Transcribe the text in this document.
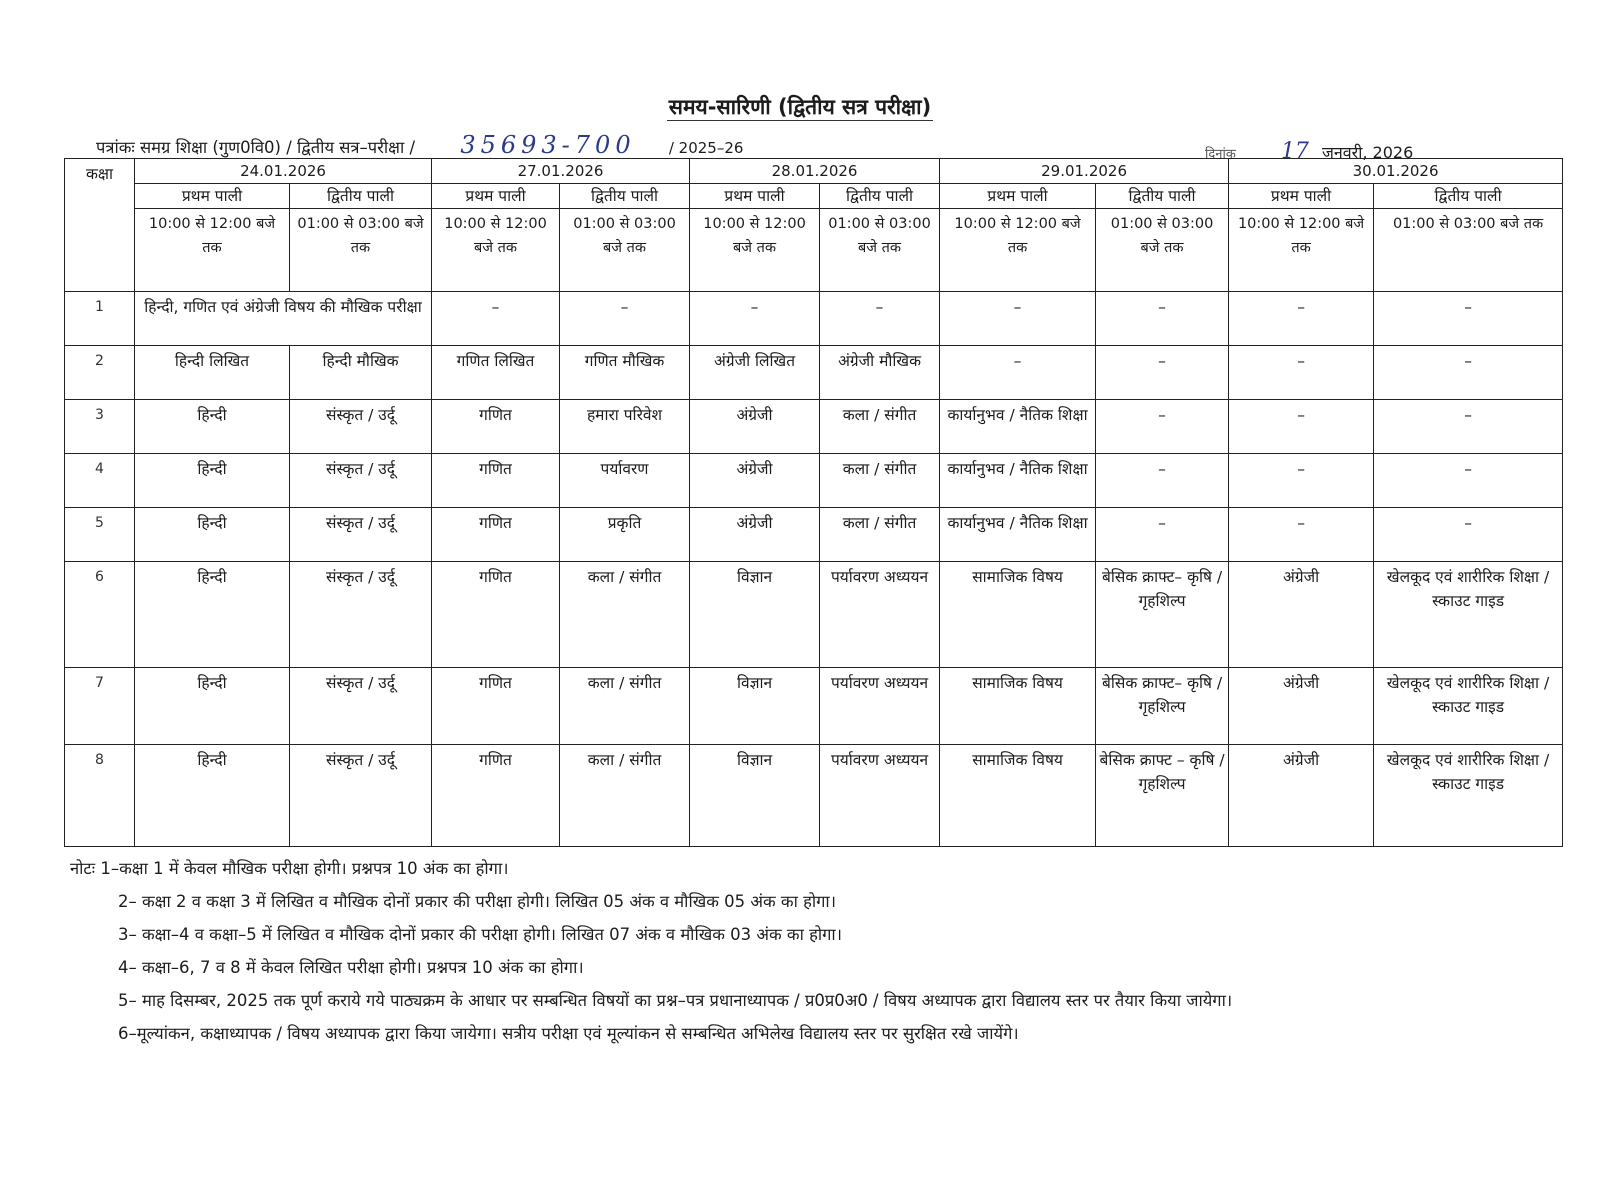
समय-सारिणी (द्वितीय सत्र परीक्षा)
पत्रांकः समग्र शिक्षा (गुण0वि0) / द्वितीय सत्र–परीक्षा / 35693-700 / 2025–26	दिनांक 17 जनवरी, 2026
कक्षा	24.01.2026		27.01.2026		28.01.2026		29.01.2026		30.01.2026	
	प्रथम पाली	द्वितीय पाली	प्रथम पाली	द्वितीय पाली	प्रथम पाली	द्वितीय पाली	प्रथम पाली	द्वितीय पाली	प्रथम पाली	द्वितीय पाली
	10:00 से 12:00 बजे तक	01:00 से 03:00 बजे तक	10:00 से 12:00 बजे तक	01:00 से 03:00 बजे तक	10:00 से 12:00 बजे तक	01:00 से 03:00 बजे तक	10:00 से 12:00 बजे तक	01:00 से 03:00 बजे तक	10:00 से 12:00 बजे तक	01:00 से 03:00 बजे तक
1	हिन्दी, गणित एवं अंग्रेजी विषय की मौखिक परीक्षा		–	–	–	–	–	–	–	–
2	हिन्दी लिखित	हिन्दी मौखिक	गणित लिखित	गणित मौखिक	अंग्रेजी लिखित	अंग्रेजी मौखिक	–	–	–	–
3	हिन्दी	संस्कृत / उर्दू	गणित	हमारा परिवेश	अंग्रेजी	कला / संगीत	कार्यानुभव / नैतिक शिक्षा	–	–	–
4	हिन्दी	संस्कृत / उर्दू	गणित	पर्यावरण	अंग्रेजी	कला / संगीत	कार्यानुभव / नैतिक शिक्षा	–	–	–
5	हिन्दी	संस्कृत / उर्दू	गणित	प्रकृति	अंग्रेजी	कला / संगीत	कार्यानुभव / नैतिक शिक्षा	–	–	–
6	हिन्दी	संस्कृत / उर्दू	गणित	कला / संगीत	विज्ञान	पर्यावरण अध्ययन	सामाजिक विषय	बेसिक क्राफ्ट– कृषि / गृहशिल्प	अंग्रेजी	खेलकूद एवं शारीरिक शिक्षा / स्काउट गाइड
7	हिन्दी	संस्कृत / उर्दू	गणित	कला / संगीत	विज्ञान	पर्यावरण अध्ययन	सामाजिक विषय	बेसिक क्राफ्ट– कृषि / गृहशिल्प	अंग्रेजी	खेलकूद एवं शारीरिक शिक्षा / स्काउट गाइड
8	हिन्दी	संस्कृत / उर्दू	गणित	कला / संगीत	विज्ञान	पर्यावरण अध्ययन	सामाजिक विषय	बेसिक क्राफ्ट – कृषि / गृहशिल्प	अंग्रेजी	खेलकूद एवं शारीरिक शिक्षा / स्काउट गाइड
नोटः 1–कक्षा 1 में केवल मौखिक परीक्षा होगी। प्रश्नपत्र 10 अंक का होगा।
2– कक्षा 2 व कक्षा 3 में लिखित व मौखिक दोनों प्रकार की परीक्षा होगी। लिखित 05 अंक व मौखिक 05 अंक का होगा।
3– कक्षा–4 व कक्षा–5 में लिखित व मौखिक दोनों प्रकार की परीक्षा होगी। लिखित 07 अंक व मौखिक 03 अंक का होगा।
4– कक्षा–6, 7 व 8 में केवल लिखित परीक्षा होगी। प्रश्नपत्र 10 अंक का होगा।
5– माह दिसम्बर, 2025 तक पूर्ण कराये गये पाठ्यक्रम के आधार पर सम्बन्धित विषयों का प्रश्न–पत्र प्रधानाध्यापक / प्र0प्र0अ0 / विषय अध्यापक द्वारा विद्यालय स्तर पर तैयार किया जायेगा।
6–मूल्यांकन, कक्षाध्यापक / विषय अध्यापक द्वारा किया जायेगा। सत्रीय परीक्षा एवं मूल्यांकन से सम्बन्धित अभिलेख विद्यालय स्तर पर सुरक्षित रखे जायेंगे।
